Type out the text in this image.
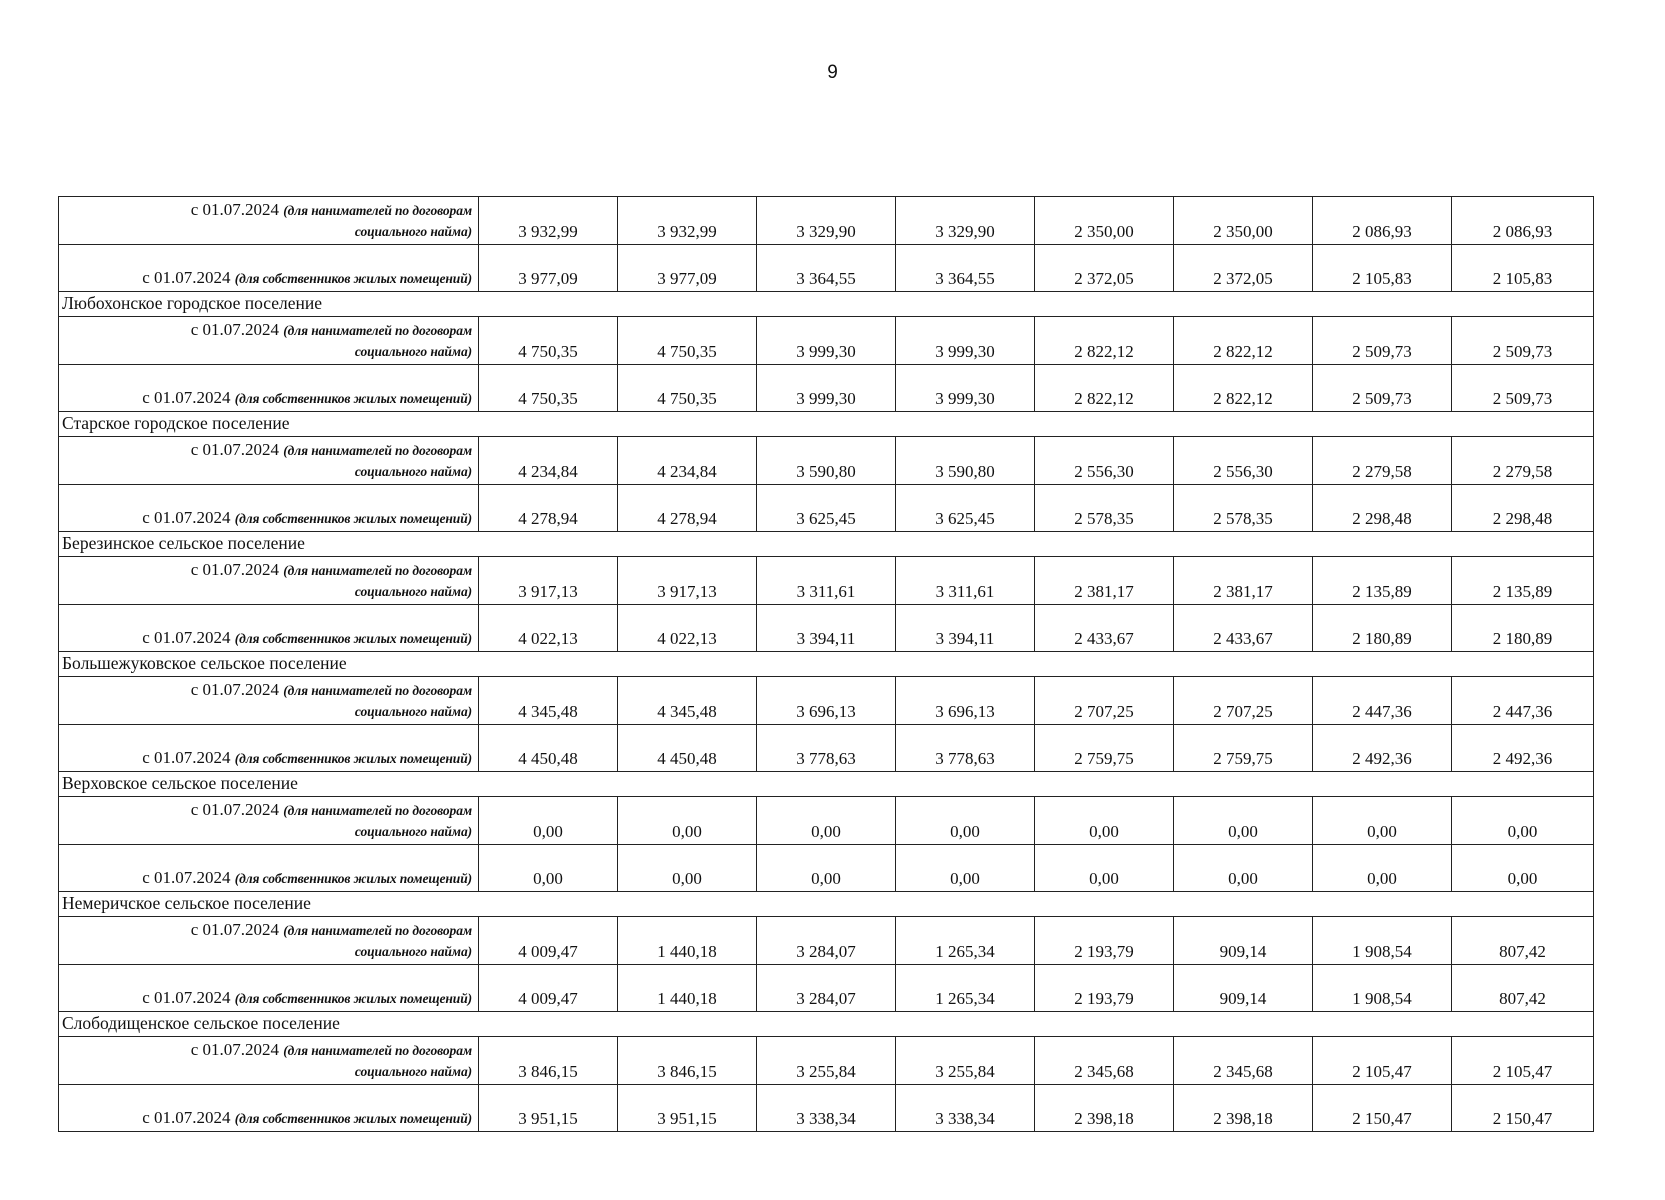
9
с 01.07.2024 (для нанимателей по договорам
социального найма)	3 932,99	3 932,99	3 329,90	3 329,90	2 350,00	2 350,00	2 086,93	2 086,93
с 01.07.2024 (для собственников жилых помещений)	3 977,09	3 977,09	3 364,55	3 364,55	2 372,05	2 372,05	2 105,83	2 105,83
Любохонское городское поселение								

с 01.07.2024 (для нанимателей по договорам
социального найма)	4 750,35	4 750,35	3 999,30	3 999,30	2 822,12	2 822,12	2 509,73	2 509,73
с 01.07.2024 (для собственников жилых помещений)	4 750,35	4 750,35	3 999,30	3 999,30	2 822,12	2 822,12	2 509,73	2 509,73
Старское городское поселение								

с 01.07.2024 (для нанимателей по договорам
социального найма)	4 234,84	4 234,84	3 590,80	3 590,80	2 556,30	2 556,30	2 279,58	2 279,58
с 01.07.2024 (для собственников жилых помещений)	4 278,94	4 278,94	3 625,45	3 625,45	2 578,35	2 578,35	2 298,48	2 298,48
Березинское сельское поселение								

с 01.07.2024 (для нанимателей по договорам
социального найма)	3 917,13	3 917,13	3 311,61	3 311,61	2 381,17	2 381,17	2 135,89	2 135,89
с 01.07.2024 (для собственников жилых помещений)	4 022,13	4 022,13	3 394,11	3 394,11	2 433,67	2 433,67	2 180,89	2 180,89
Большежуковское сельское поселение								

с 01.07.2024 (для нанимателей по договорам
социального найма)	4 345,48	4 345,48	3 696,13	3 696,13	2 707,25	2 707,25	2 447,36	2 447,36
с 01.07.2024 (для собственников жилых помещений)	4 450,48	4 450,48	3 778,63	3 778,63	2 759,75	2 759,75	2 492,36	2 492,36
Верховское сельское поселение								

с 01.07.2024 (для нанимателей по договорам
социального найма)	0,00	0,00	0,00	0,00	0,00	0,00	0,00	0,00
с 01.07.2024 (для собственников жилых помещений)	0,00	0,00	0,00	0,00	0,00	0,00	0,00	0,00
Немеричское сельское поселение								

с 01.07.2024 (для нанимателей по договорам
социального найма)	4 009,47	1 440,18	3 284,07	1 265,34	2 193,79	909,14	1 908,54	807,42
с 01.07.2024 (для собственников жилых помещений)	4 009,47	1 440,18	3 284,07	1 265,34	2 193,79	909,14	1 908,54	807,42
Слободищенское сельское поселение								

с 01.07.2024 (для нанимателей по договорам
социального найма)	3 846,15	3 846,15	3 255,84	3 255,84	2 345,68	2 345,68	2 105,47	2 105,47
с 01.07.2024 (для собственников жилых помещений)	3 951,15	3 951,15	3 338,34	3 338,34	2 398,18	2 398,18	2 150,47	2 150,47
